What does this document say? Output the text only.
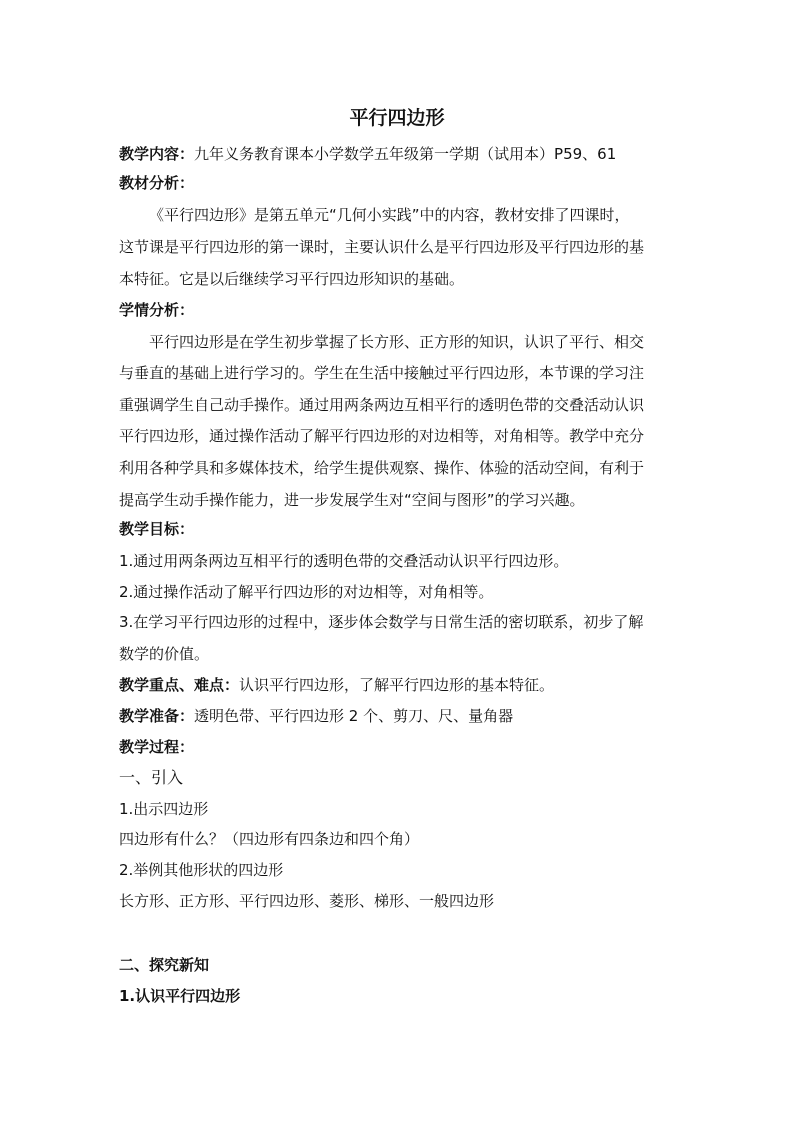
平行四边形
教学内容：九年义务教育课本小学数学五年级第一学期（试用本）P59、61
教材分析：
《平行四边形》是第五单元“几何小实践”中的内容，教材安排了四课时，
这节课是平行四边形的第一课时，主要认识什么是平行四边形及平行四边形的基
本特征。它是以后继续学习平行四边形知识的基础。
学情分析：
平行四边形是在学生初步掌握了长方形、正方形的知识，认识了平行、相交
与垂直的基础上进行学习的。学生在生活中接触过平行四边形，本节课的学习注
重强调学生自己动手操作。通过用两条两边互相平行的透明色带的交叠活动认识
平行四边形，通过操作活动了解平行四边形的对边相等，对角相等。教学中充分
利用各种学具和多媒体技术，给学生提供观察、操作、体验的活动空间，有利于
提高学生动手操作能力，进一步发展学生对“空间与图形”的学习兴趣。
教学目标：
1.通过用两条两边互相平行的透明色带的交叠活动认识平行四边形。
2.通过操作活动了解平行四边形的对边相等，对角相等。
3.在学习平行四边形的过程中，逐步体会数学与日常生活的密切联系，初步了解
数学的价值。
教学重点、难点：认识平行四边形，了解平行四边形的基本特征。
教学准备：透明色带、平行四边形 2 个、剪刀、尺、量角器
教学过程：
一、引入
1.出示四边形
四边形有什么？（四边形有四条边和四个角）
2.举例其他形状的四边形
长方形、正方形、平行四边形、菱形、梯形、一般四边形
二、探究新知
1.认识平行四边形
